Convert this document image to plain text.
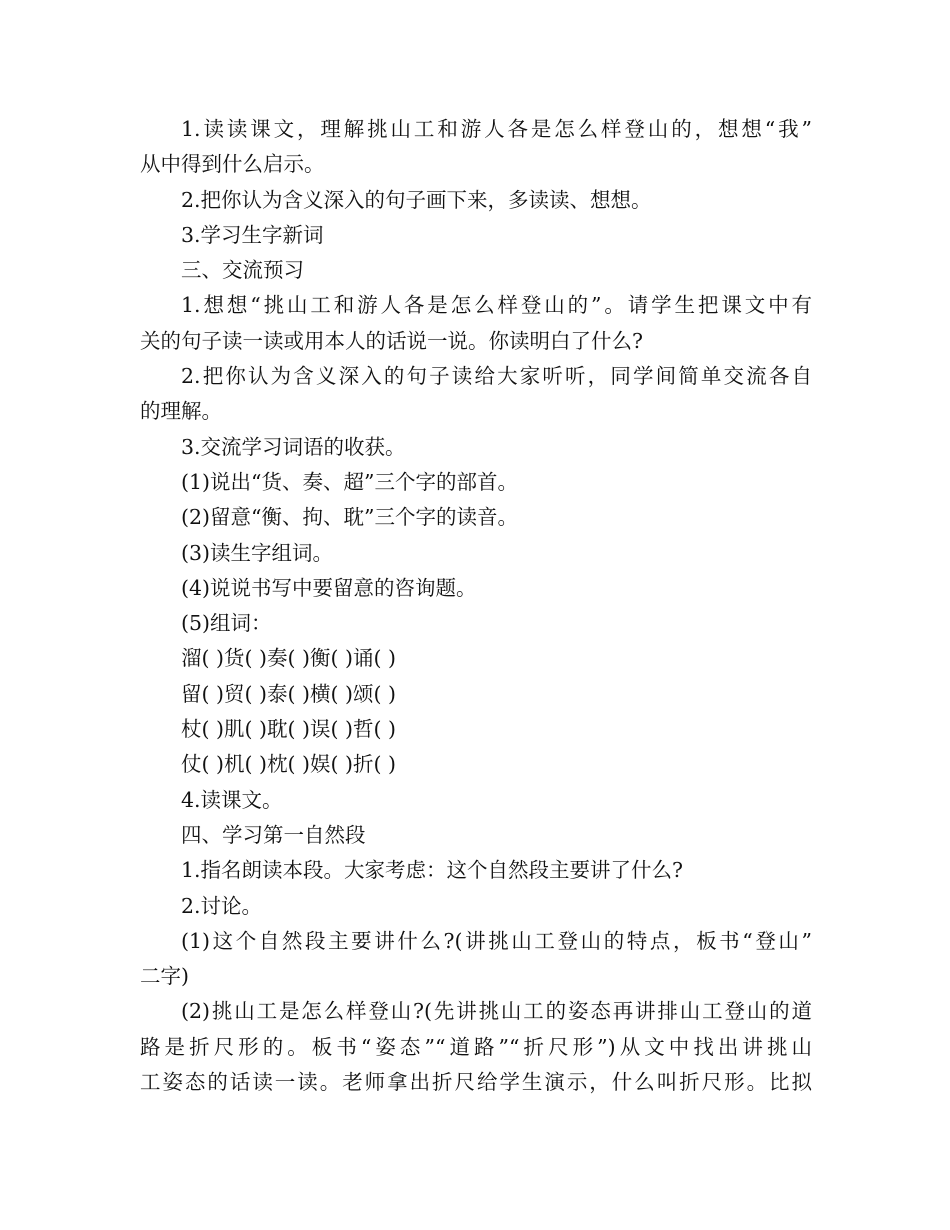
1.读读课文，理解挑山工和游人各是怎么样登山的，想想“我”
从中得到什么启示。
2.把你认为含义深入的句子画下来，多读读、想想。
3.学习生字新词
三、交流预习
1.想想“挑山工和游人各是怎么样登山的”。请学生把课文中有
关的句子读一读或用本人的话说一说。你读明白了什么?
2.把你认为含义深入的句子读给大家听听，同学间简单交流各自
的理解。
3.交流学习词语的收获。
(1)说出“货、奏、超”三个字的部首。
(2)留意“衡、拘、耽”三个字的读音。
(3)读生字组词。
(4)说说书写中要留意的咨询题。
(5)组词：
溜( )货( )奏( )衡( )诵( )
留( )贸( )泰( )横( )颂( )
杖( )肌( )耽( )误( )哲( )
仗( )机( )枕( )娱( )折( )
4.读课文。
四、学习第一自然段
1.指名朗读本段。大家考虑：这个自然段主要讲了什么?
2.讨论。
(1)这个自然段主要讲什么?(讲挑山工登山的特点，板书“登山”
二字)
(2)挑山工是怎么样登山?(先讲挑山工的姿态再讲排山工登山的道
路是折尺形的。板书“姿态”“道路”“折尺形”)从文中找出讲挑山
工姿态的话读一读。老师拿出折尺给学生演示，什么叫折尺形。比拟
